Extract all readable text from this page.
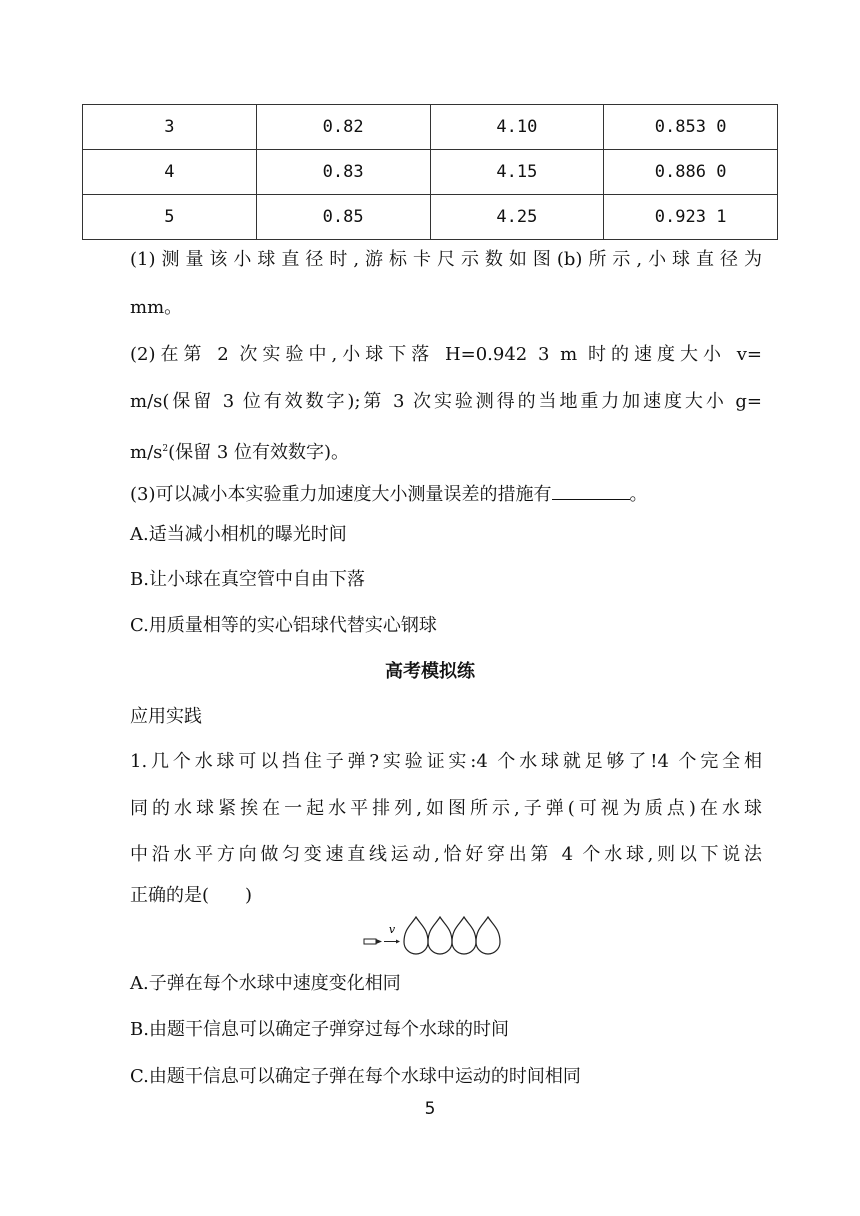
3	0.82	4.10	0.853 0
4	0.83	4.15	0.886 0
5	0.85	4.25	0.923 1
(1)测量该小球直径时,游标卡尺示数如图(b)所示,小球直径为
mm。
(2)在第 2 次实验中,小球下落 H=0.942 3 m 时的速度大小 v=
m/s(保留 3 位有效数字);第 3 次实验测得的当地重力加速度大小 g=
$m/s^2$(保留 3 位有效数字)。
(3)可以减小本实验重力加速度大小测量误差的措施有	。
A.适当减小相机的曝光时间
B.让小球在真空管中自由下落
C.用质量相等的实心铝球代替实心钢球
高考模拟练
应用实践
1.几个水球可以挡住子弹?实验证实:4 个水球就足够了!4 个完全相
同的水球紧挨在一起水平排列,如图所示,子弹(可视为质点)在水球
中沿水平方向做匀变速直线运动,恰好穿出第 4 个水球,则以下说法
正确的是(　　)
v
A.子弹在每个水球中速度变化相同
B.由题干信息可以确定子弹穿过每个水球的时间
C.由题干信息可以确定子弹在每个水球中运动的时间相同
5
